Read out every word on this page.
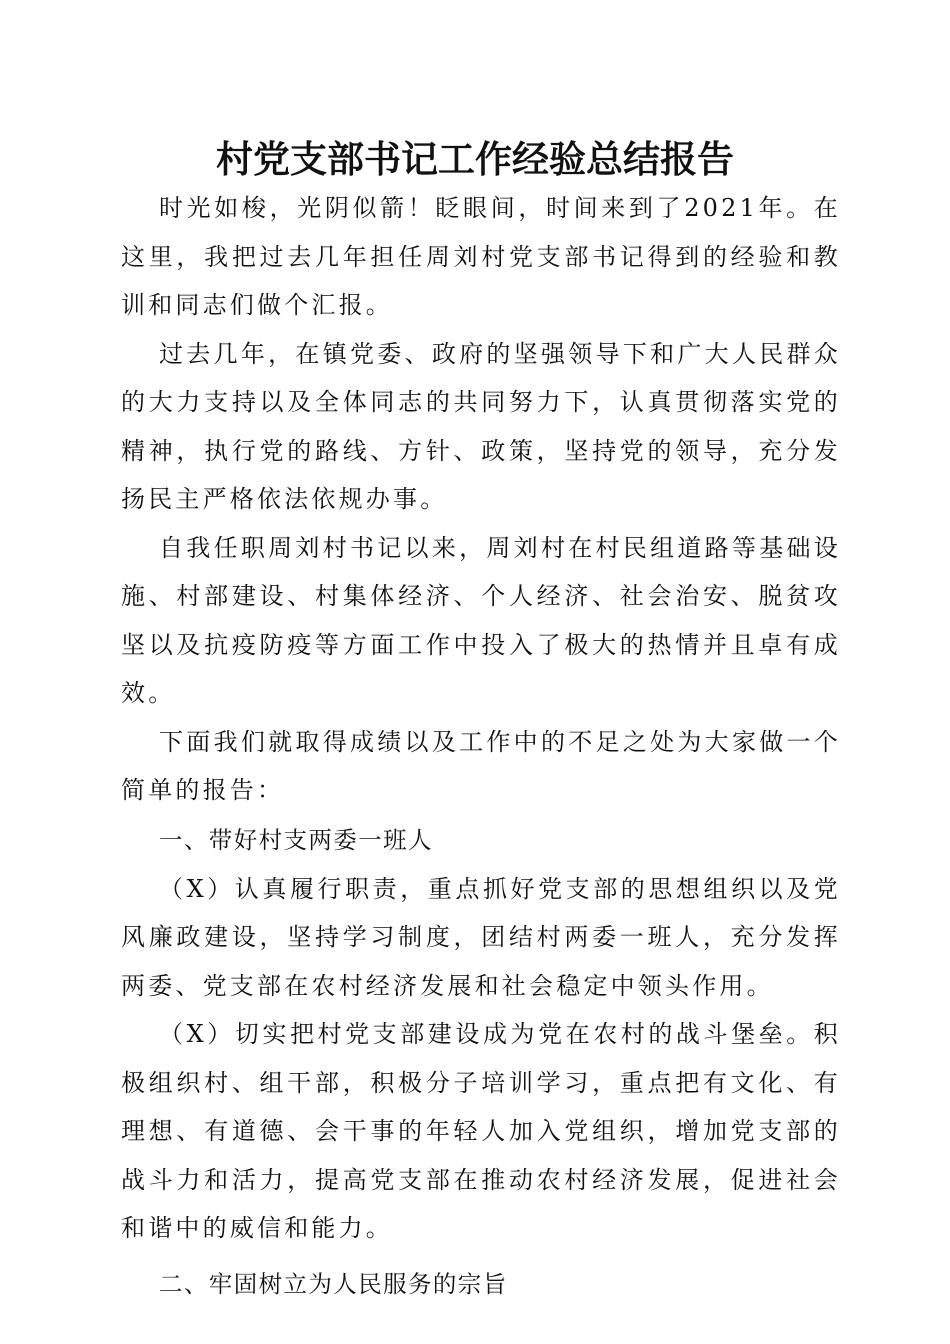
村党支部书记工作经验总结报告

时光如梭，光阴似箭！眨眼间，时间来到了2021年。在这里，我把过去几年担任周刘村党支部书记得到的经验和教训和同志们做个汇报。

过去几年，在镇党委、政府的坚强领导下和广大人民群众的大力支持以及全体同志的共同努力下，认真贯彻落实党的精神，执行党的路线、方针、政策，坚持党的领导，充分发扬民主严格依法依规办事。

自我任职周刘村书记以来，周刘村在村民组道路等基础设施、村部建设、村集体经济、个人经济、社会治安、脱贫攻坚以及抗疫防疫等方面工作中投入了极大的热情并且卓有成效。

下面我们就取得成绩以及工作中的不足之处为大家做一个简单的报告：

一、带好村支两委一班人

（X）认真履行职责，重点抓好党支部的思想组织以及党风廉政建设，坚持学习制度，团结村两委一班人，充分发挥两委、党支部在农村经济发展和社会稳定中领头作用。

（X）切实把村党支部建设成为党在农村的战斗堡垒。积极组织村、组干部，积极分子培训学习，重点把有文化、有理想、有道德、会干事的年轻人加入党组织，增加党支部的战斗力和活力，提高党支部在推动农村经济发展，促进社会和谐中的威信和能力。

二、牢固树立为人民服务的宗旨
